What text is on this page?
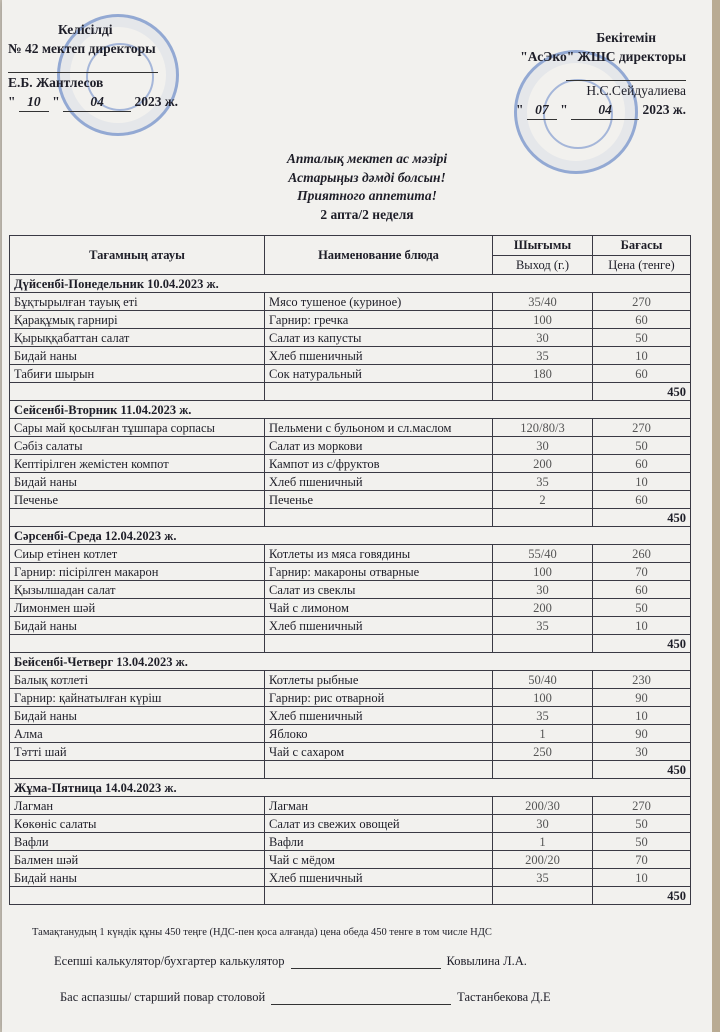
Келісілді
№ 42 мектеп директоры
Е.Б. Жантлесов
" 10 " 04 2023 ж.
Бекітемін
"АсЭко" ЖШС директоры
Н.С.Сейдуалиева
" 07 " 04 2023 ж.
Апталық мектеп ас мәзірі
Астарыңыз дәмді болсын!
Приятного аппетита!
2 апта/2 неделя
Тағамның атауы	Наименование блюда	Шығымы	Бағасы
		Выход (г.)	Цена (тенге)
Дүйсенбі-Понедельник 10.04.2023 ж.			
Бұқтырылған тауық еті	Мясо тушеное (куриное)	35/40	270
Қарақұмық гарнирі	Гарнир: гречка	100	60
Қырыққабаттан салат	Салат из капусты	30	50
Бидай наны	Хлеб пшеничный	35	10
Табиғи шырын	Сок натуральный	180	60
			450
Сейсенбі-Вторник 11.04.2023 ж.			
Сары май қосылған тұшпара сорпасы	Пельмени с бульоном и сл.маслом	120/80/3	270
Сәбіз салаты	Салат из моркови	30	50
Кептірілген жемістен компот	Кампот из с/фруктов	200	60
Бидай наны	Хлеб пшеничный	35	10
Печенье	Печенье	2	60
			450
Сәрсенбі-Среда 12.04.2023 ж.			
Сиыр етінен котлет	Котлеты из мяса говядины	55/40	260
Гарнир: пісірілген макарон	Гарнир: макароны отварные	100	70
Қызылшадан салат	Салат из свеклы	30	60
Лимонмен шәй	Чай с лимоном	200	50
Бидай наны	Хлеб пшеничный	35	10
			450
Бейсенбі-Четверг 13.04.2023 ж.			
Балық котлеті	Котлеты рыбные	50/40	230
Гарнир: қайнатылған күріш	Гарнир: рис отварной	100	90
Бидай наны	Хлеб пшеничный	35	10
Алма	Яблоко	1	90
Тәтті шай	Чай с сахаром	250	30
			450
Жұма-Пятница 14.04.2023 ж.			
Лагман	Лагман	200/30	270
Көкөніс салаты	Салат из свежих овощей	30	50
Вафли	Вафли	1	50
Балмен шәй	Чай с мёдом	200/20	70
Бидай наны	Хлеб пшеничный	35	10
			450
Тамақтанудың 1 күндік құны 450 теңге (НДС-пен қоса алғанда) цена обеда 450 тенге в том числе НДС
Есепші калькулятор/бухгартер калькулятор	Ковылина Л.А.
Бас аспазшы/ старший повар столовой	Тастанбекова Д.Е
